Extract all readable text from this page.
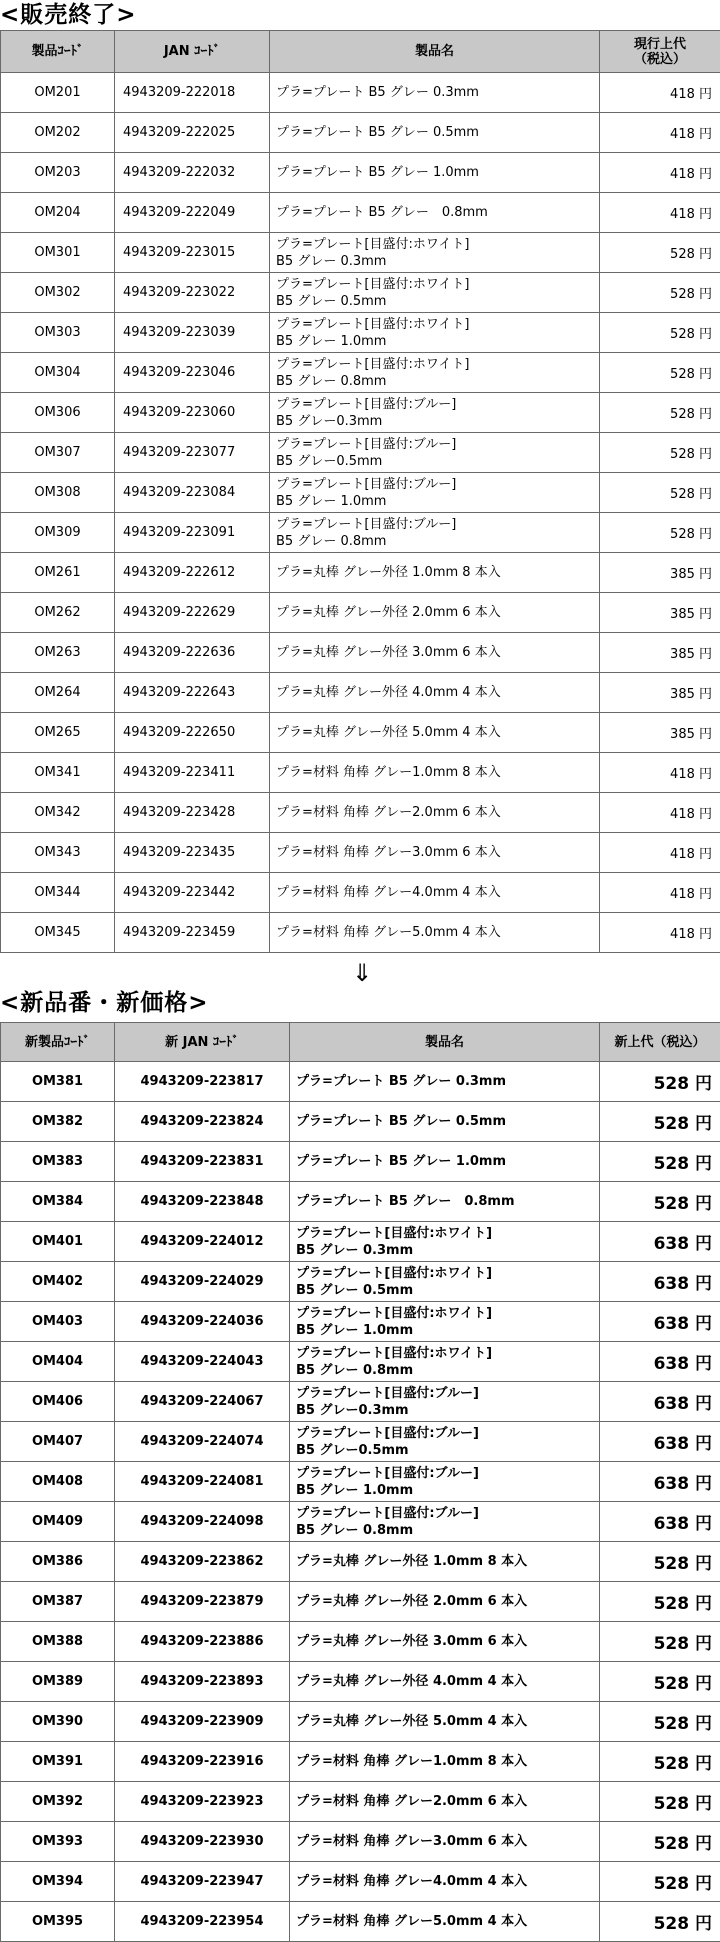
<販売終了>
製品ｺｰﾄﾞ	JAN ｺｰﾄﾞ	製品名	現行上代
（税込）
OM201	4943209-222018	プラ=プレート B5 グレー 0.3mm	418 円
OM202	4943209-222025	プラ=プレート B5 グレー 0.5mm	418 円
OM203	4943209-222032	プラ=プレート B5 グレー 1.0mm	418 円
OM204	4943209-222049	プラ=プレート B5 グレー　0.8mm	418 円
OM301	4943209-223015	プラ=プレート[目盛付:ホワイト]
B5 グレー 0.3mm	528 円
OM302	4943209-223022	プラ=プレート[目盛付:ホワイト]
B5 グレー 0.5mm	528 円
OM303	4943209-223039	プラ=プレート[目盛付:ホワイト]
B5 グレー 1.0mm	528 円
OM304	4943209-223046	プラ=プレート[目盛付:ホワイト]
B5 グレー 0.8mm	528 円
OM306	4943209-223060	プラ=プレート[目盛付:ブルー]
B5 グレー0.3mm	528 円
OM307	4943209-223077	プラ=プレート[目盛付:ブルー]
B5 グレー0.5mm	528 円
OM308	4943209-223084	プラ=プレート[目盛付:ブルー]
B5 グレー 1.0mm	528 円
OM309	4943209-223091	プラ=プレート[目盛付:ブルー]
B5 グレー 0.8mm	528 円
OM261	4943209-222612	プラ=丸棒 グレー外径 1.0mm 8 本入	385 円
OM262	4943209-222629	プラ=丸棒 グレー外径 2.0mm 6 本入	385 円
OM263	4943209-222636	プラ=丸棒 グレー外径 3.0mm 6 本入	385 円
OM264	4943209-222643	プラ=丸棒 グレー外径 4.0mm 4 本入	385 円
OM265	4943209-222650	プラ=丸棒 グレー外径 5.0mm 4 本入	385 円
OM341	4943209-223411	プラ=材料 角棒 グレー1.0mm 8 本入	418 円
OM342	4943209-223428	プラ=材料 角棒 グレー2.0mm 6 本入	418 円
OM343	4943209-223435	プラ=材料 角棒 グレー3.0mm 6 本入	418 円
OM344	4943209-223442	プラ=材料 角棒 グレー4.0mm 4 本入	418 円
OM345	4943209-223459	プラ=材料 角棒 グレー5.0mm 4 本入	418 円
⇓
<新品番・新価格>
新製品ｺｰﾄﾞ	新 JAN ｺｰﾄﾞ	製品名	新上代（税込）
OM381	4943209-223817	プラ=プレート B5 グレー 0.3mm	528 円
OM382	4943209-223824	プラ=プレート B5 グレー 0.5mm	528 円
OM383	4943209-223831	プラ=プレート B5 グレー 1.0mm	528 円
OM384	4943209-223848	プラ=プレート B5 グレー　0.8mm	528 円
OM401	4943209-224012	プラ=プレート[目盛付:ホワイト]
B5 グレー 0.3mm	638 円
OM402	4943209-224029	プラ=プレート[目盛付:ホワイト]
B5 グレー 0.5mm	638 円
OM403	4943209-224036	プラ=プレート[目盛付:ホワイト]
B5 グレー 1.0mm	638 円
OM404	4943209-224043	プラ=プレート[目盛付:ホワイト]
B5 グレー 0.8mm	638 円
OM406	4943209-224067	プラ=プレート[目盛付:ブルー]
B5 グレー0.3mm	638 円
OM407	4943209-224074	プラ=プレート[目盛付:ブルー]
B5 グレー0.5mm	638 円
OM408	4943209-224081	プラ=プレート[目盛付:ブルー]
B5 グレー 1.0mm	638 円
OM409	4943209-224098	プラ=プレート[目盛付:ブルー]
B5 グレー 0.8mm	638 円
OM386	4943209-223862	プラ=丸棒 グレー外径 1.0mm 8 本入	528 円
OM387	4943209-223879	プラ=丸棒 グレー外径 2.0mm 6 本入	528 円
OM388	4943209-223886	プラ=丸棒 グレー外径 3.0mm 6 本入	528 円
OM389	4943209-223893	プラ=丸棒 グレー外径 4.0mm 4 本入	528 円
OM390	4943209-223909	プラ=丸棒 グレー外径 5.0mm 4 本入	528 円
OM391	4943209-223916	プラ=材料 角棒 グレー1.0mm 8 本入	528 円
OM392	4943209-223923	プラ=材料 角棒 グレー2.0mm 6 本入	528 円
OM393	4943209-223930	プラ=材料 角棒 グレー3.0mm 6 本入	528 円
OM394	4943209-223947	プラ=材料 角棒 グレー4.0mm 4 本入	528 円
OM395	4943209-223954	プラ=材料 角棒 グレー5.0mm 4 本入	528 円
